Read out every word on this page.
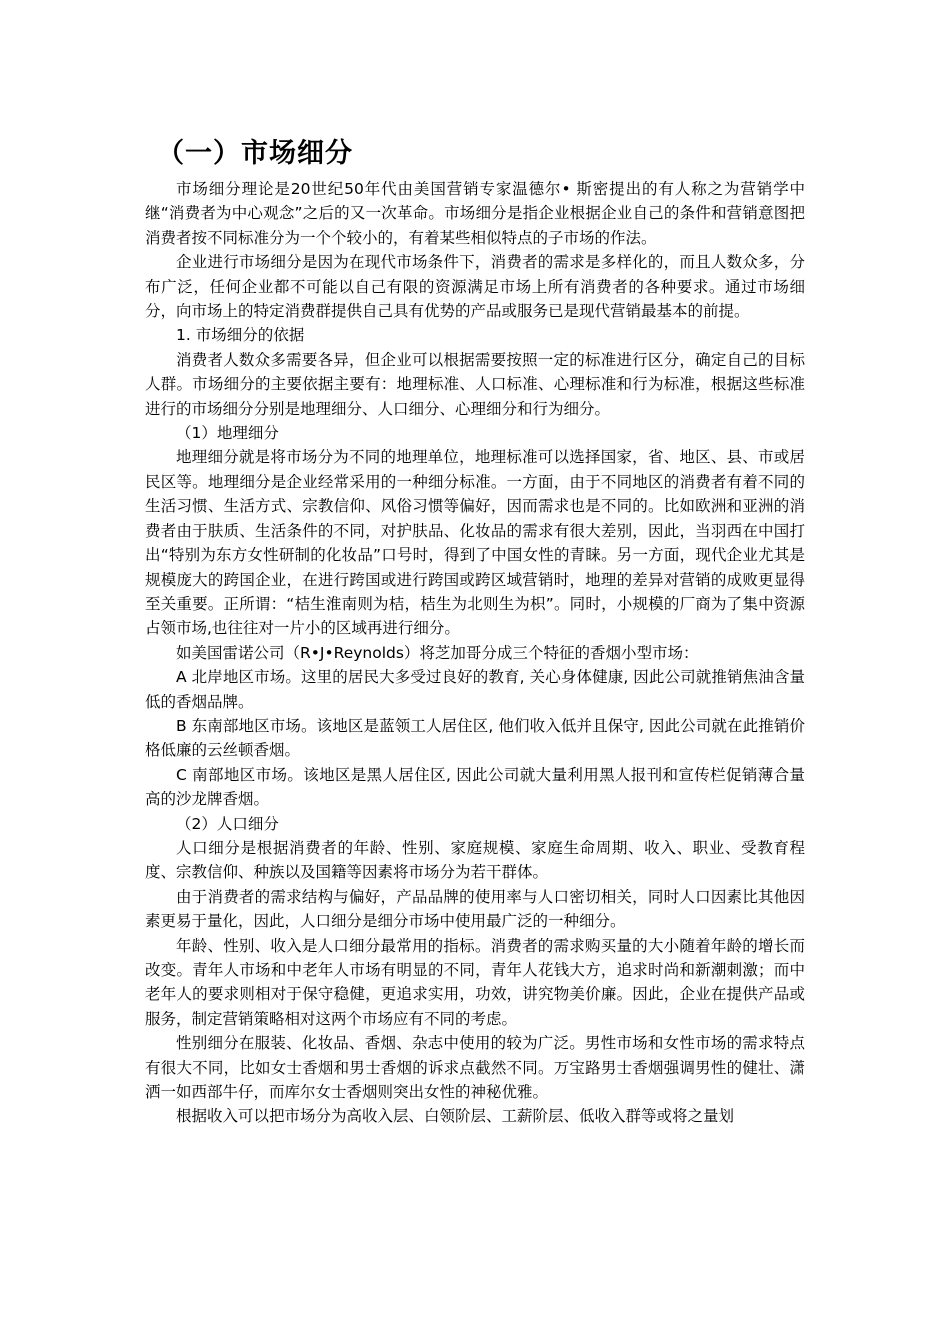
（一）市场细分

市场细分理论是20世纪50年代由美国营销专家温德尔• 斯密提出的有人称之为营销学中继“消费者为中心观念”之后的又一次革命。市场细分是指企业根据企业自己的条件和营销意图把消费者按不同标准分为一个个较小的，有着某些相似特点的子市场的作法。

企业进行市场细分是因为在现代市场条件下，消费者的需求是多样化的，而且人数众多，分布广泛，任何企业都不可能以自己有限的资源满足市场上所有消费者的各种要求。通过市场细分，向市场上的特定消费群提供自己具有优势的产品或服务已是现代营销最基本的前提。

1. 市场细分的依据

消费者人数众多需要各异，但企业可以根据需要按照一定的标准进行区分，确定自己的目标人群。市场细分的主要依据主要有：地理标准、人口标准、心理标准和行为标准，根据这些标准进行的市场细分分别是地理细分、人口细分、心理细分和行为细分。

（1）地理细分

地理细分就是将市场分为不同的地理单位，地理标准可以选择国家，省、地区、县、市或居民区等。地理细分是企业经常采用的一种细分标准。一方面，由于不同地区的消费者有着不同的生活习惯、生活方式、宗教信仰、风俗习惯等偏好，因而需求也是不同的。比如欧洲和亚洲的消费者由于肤质、生活条件的不同，对护肤品、化妆品的需求有很大差别，因此，当羽西在中国打出“特别为东方女性研制的化妆品”口号时，得到了中国女性的青睐。另一方面，现代企业尤其是规模庞大的跨国企业，在进行跨国或进行跨国或跨区域营销时，地理的差异对营销的成败更显得至关重要。正所谓：“桔生淮南则为桔，桔生为北则生为枳”。同时，小规模的厂商为了集中资源占领市场,也往往对一片小的区域再进行细分。

如美国雷诺公司（R•J•Reynolds）将芝加哥分成三个特征的香烟小型市场：

A 北岸地区市场。这里的居民大多受过良好的教育, 关心身体健康, 因此公司就推销焦油含量低的香烟品牌。

B 东南部地区市场。该地区是蓝领工人居住区, 他们收入低并且保守, 因此公司就在此推销价格低廉的云丝顿香烟。

C 南部地区市场。该地区是黑人居住区, 因此公司就大量利用黑人报刊和宣传栏促销薄合量高的沙龙牌香烟。

（2）人口细分

人口细分是根据消费者的年龄、性别、家庭规模、家庭生命周期、收入、职业、受教育程度、宗教信仰、种族以及国籍等因素将市场分为若干群体。

由于消费者的需求结构与偏好，产品品牌的使用率与人口密切相关，同时人口因素比其他因素更易于量化，因此，人口细分是细分市场中使用最广泛的一种细分。

年龄、性别、收入是人口细分最常用的指标。消费者的需求购买量的大小随着年龄的增长而改变。青年人市场和中老年人市场有明显的不同，青年人花钱大方，追求时尚和新潮刺激；而中老年人的要求则相对于保守稳健，更追求实用，功效，讲究物美价廉。因此，企业在提供产品或服务，制定营销策略相对这两个市场应有不同的考虑。

性别细分在服装、化妆品、香烟、杂志中使用的较为广泛。男性市场和女性市场的需求特点有很大不同，比如女士香烟和男士香烟的诉求点截然不同。万宝路男士香烟强调男性的健壮、潇洒一如西部牛仔，而库尔女士香烟则突出女性的神秘优雅。

根据收入可以把市场分为高收入层、白领阶层、工薪阶层、低收入群等或将之量划
